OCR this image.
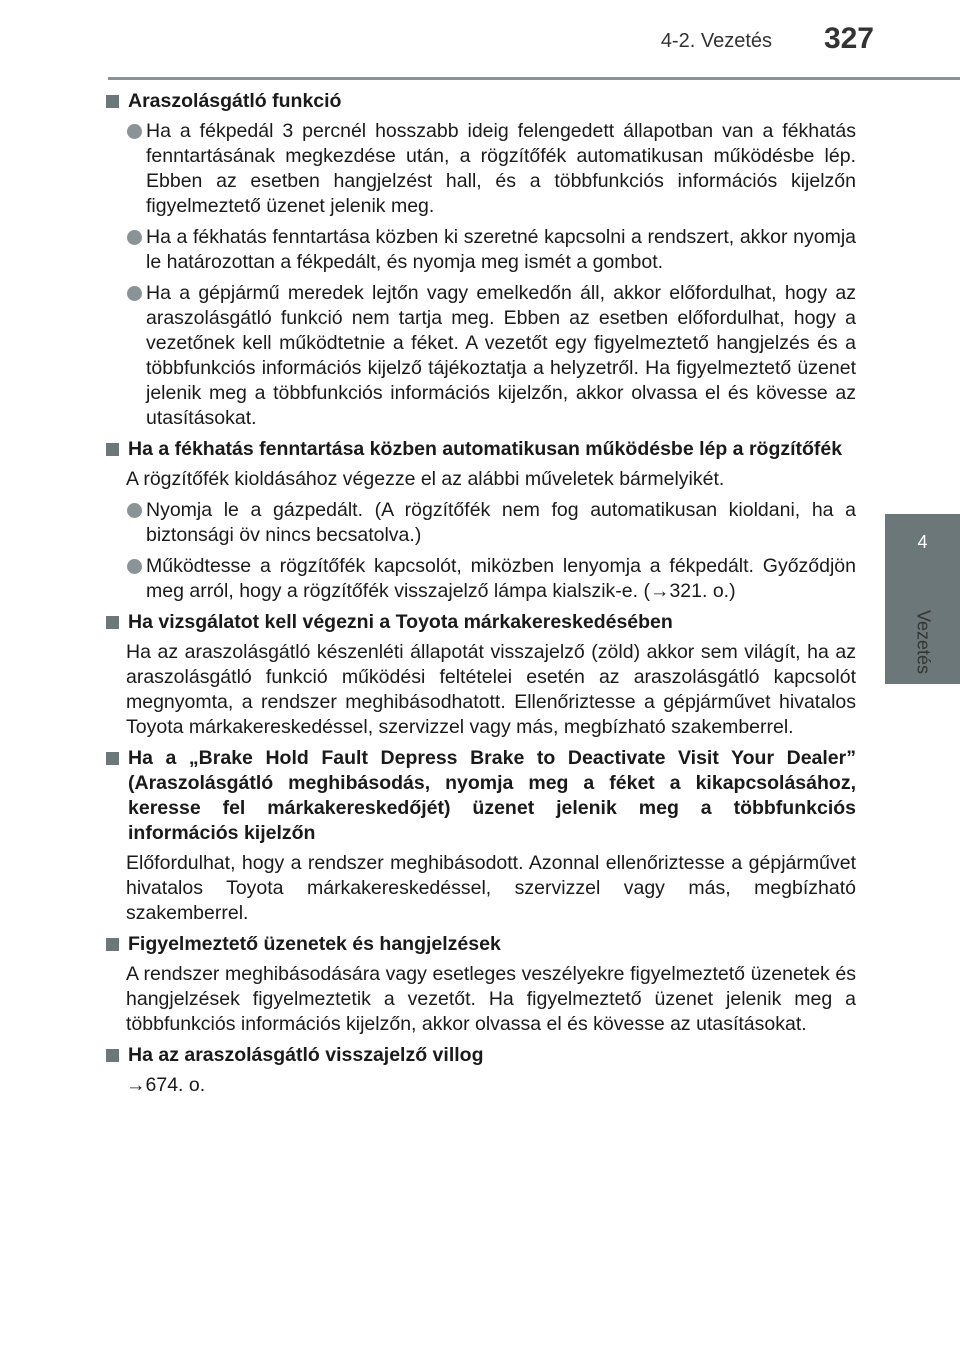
4-2. Vezetés 327
4
Vezetés
Araszolásgátló funkció
Ha a fékpedál 3 percnél hosszabb ideig felengedett állapotban van a fékhatás fenntartásának megkezdése után, a rögzítőfék automatikusan működésbe lép. Ebben az esetben hangjelzést hall, és a többfunkciós információs kijelzőn figyelmeztető üzenet jelenik meg.
Ha a fékhatás fenntartása közben ki szeretné kapcsolni a rendszert, akkor nyomja le határozottan a fékpedált, és nyomja meg ismét a gombot.
Ha a gépjármű meredek lejtőn vagy emelkedőn áll, akkor előfordulhat, hogy az araszolásgátló funkció nem tartja meg. Ebben az esetben előfordulhat, hogy a vezetőnek kell működtetnie a féket. A vezetőt egy figyelmeztető hangjelzés és a többfunkciós információs kijelző tájékoztatja a helyzetről. Ha figyelmeztető üzenet jelenik meg a többfunkciós információs kijelzőn, akkor olvassa el és kövesse az utasításokat.
Ha a fékhatás fenntartása közben automatikusan működésbe lép a rögzítőfék
A rögzítőfék kioldásához végezze el az alábbi műveletek bármelyikét.
Nyomja le a gázpedált. (A rögzítőfék nem fog automatikusan kioldani, ha a biztonsági öv nincs becsatolva.)
Működtesse a rögzítőfék kapcsolót, miközben lenyomja a fékpedált. Győződjön meg arról, hogy a rögzítőfék visszajelző lámpa kialszik-e. (→321. o.)
Ha vizsgálatot kell végezni a Toyota márkakereskedésében
Ha az araszolásgátló készenléti állapotát visszajelző (zöld) akkor sem világít, ha az araszolásgátló funkció működési feltételei esetén az araszolásgátló kapcsolót megnyomta, a rendszer meghibásodhatott. Ellenőriztesse a gépjárművet hivatalos Toyota márkakereskedéssel, szervizzel vagy más, megbízható szakemberrel.
Ha a „Brake Hold Fault Depress Brake to Deactivate Visit Your Dealer” (Araszolásgátló meghibásodás, nyomja meg a féket a kikapcsolásához, keresse fel márkakereskedőjét) üzenet jelenik meg a többfunkciós információs kijelzőn
Előfordulhat, hogy a rendszer meghibásodott. Azonnal ellenőriztesse a gépjárművet hivatalos Toyota márkakereskedéssel, szervizzel vagy más, megbízható szakemberrel.
Figyelmeztető üzenetek és hangjelzések
A rendszer meghibásodására vagy esetleges veszélyekre figyelmeztető üzenetek és hangjelzések figyelmeztetik a vezetőt. Ha figyelmeztető üzenet jelenik meg a többfunkciós információs kijelzőn, akkor olvassa el és kövesse az utasításokat.
Ha az araszolásgátló visszajelző villog
→674. o.
